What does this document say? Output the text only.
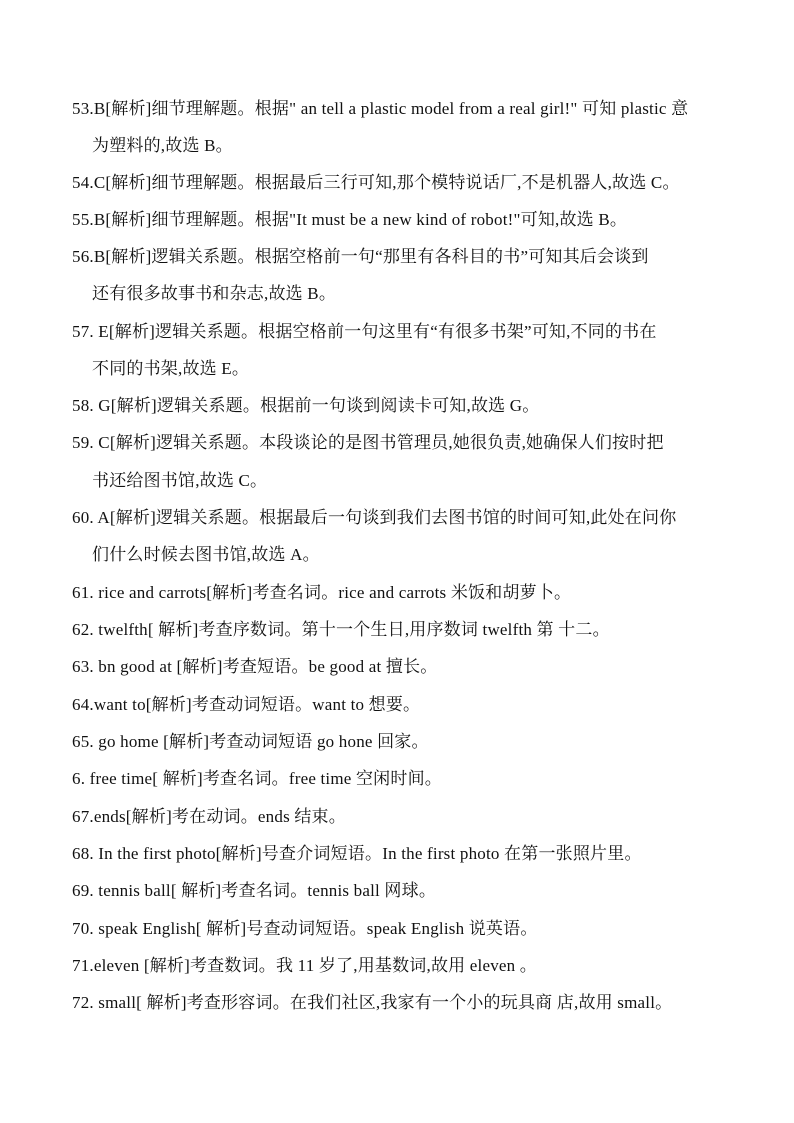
53.B[解析]细节理解题。根据" an tell a plastic model from a real girl!" 可知 plastic 意
为塑料的,故选 B。
54.C[解析]细节理解题。根据最后三行可知,那个模特说话厂,不是机器人,故选 C。
55.B[解析]细节理解题。根据"It must be a new kind of robot!"可知,故选 B。
56.B[解析]逻辑关系题。根据空格前一句“那里有各科目的书”可知其后会谈到
还有很多故事书和杂志,故选 B。
57. E[解析]逻辑关系题。根据空格前一句这里有“有很多书架”可知,不同的书在
不同的书架,故选 E。
58. G[解析]逻辑关系题。根据前一句谈到阅读卡可知,故选 G。
59. C[解析]逻辑关系题。本段谈论的是图书管理员,她很负责,她确保人们按时把
书还给图书馆,故选 C。
60. A[解析]逻辑关系题。根据最后一句谈到我们去图书馆的时间可知,此处在问你
们什么时候去图书馆,故选 A。
61. rice and carrots[解析]考查名词。rice and carrots 米饭和胡萝卜。
62. twelfth[ 解析]考查序数词。第十一个生日,用序数词 twelfth 第 十二。
63. bn good at [解析]考查短语。be good at 擅长。
64.want to[解析]考查动词短语。want to 想要。
65. go home [解析]考查动词短语 go hone 回家。
6. free time[ 解析]考查名词。free time 空闲时间。
67.ends[解析]考在动词。ends 结束。
68. In the first photo[解析]号查介词短语。In the first photo 在第一张照片里。
69. tennis ball[ 解析]考查名词。tennis ball 网球。
70. speak English[ 解析]号查动词短语。speak English 说英语。
71.eleven [解析]考查数词。我 11 岁了,用基数词,故用 eleven 。
72. small[ 解析]考查形容词。在我们社区,我家有一个小的玩具商 店,故用 small。
